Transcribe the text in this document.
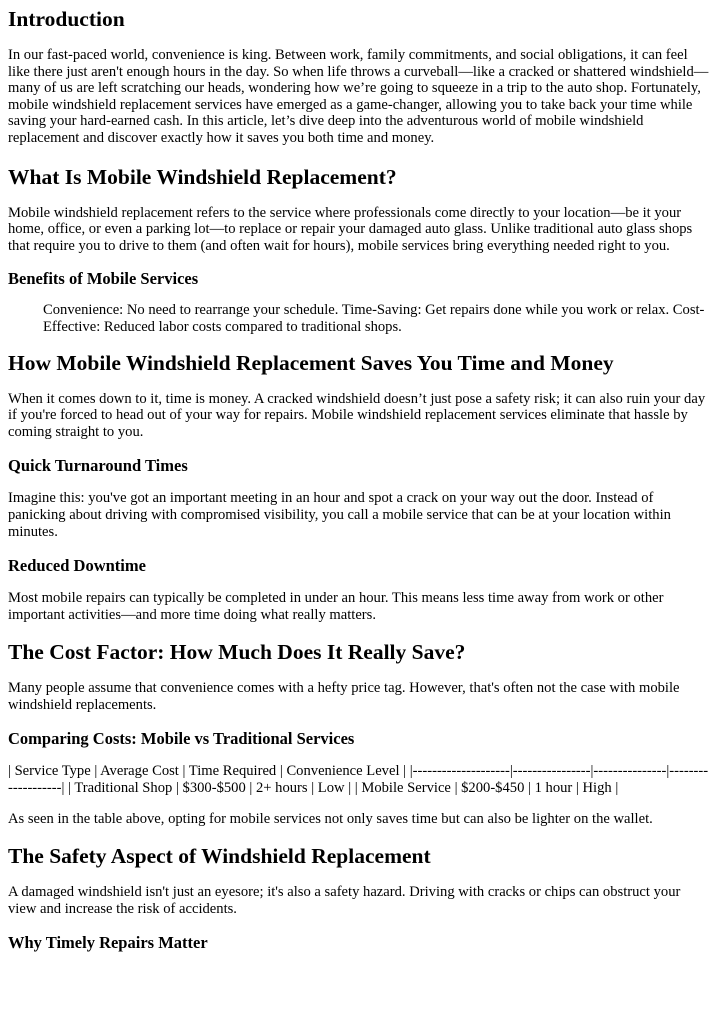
Introduction

In our fast-paced world, convenience is king. Between work, family commitments, and social obligations, it can feel like there just aren't enough hours in the day. So when life throws a curveball—like a cracked or shattered windshield—many of us are left scratching our heads, wondering how we’re going to squeeze in a trip to the auto shop. Fortunately, mobile windshield replacement services have emerged as a game-changer, allowing you to take back your time while saving your hard-earned cash. In this article, let’s dive deep into the adventurous world of mobile windshield replacement and discover exactly how it saves you both time and money.

What Is Mobile Windshield Replacement?

Mobile windshield replacement refers to the service where professionals come directly to your location—be it your home, office, or even a parking lot—to replace or repair your damaged auto glass. Unlike traditional auto glass shops that require you to drive to them (and often wait for hours), mobile services bring everything needed right to you.

Benefits of Mobile Services
Convenience: No need to rearrange your schedule. Time-Saving: Get repairs done while you work or relax. Cost-Effective: Reduced labor costs compared to traditional shops.
How Mobile Windshield Replacement Saves You Time and Money

When it comes down to it, time is money. A cracked windshield doesn’t just pose a safety risk; it can also ruin your day if you're forced to head out of your way for repairs. Mobile windshield replacement services eliminate that hassle by coming straight to you.

Quick Turnaround Times

Imagine this: you've got an important meeting in an hour and spot a crack on your way out the door. Instead of panicking about driving with compromised visibility, you call a mobile service that can be at your location within minutes.

Reduced Downtime

Most mobile repairs can typically be completed in under an hour. This means less time away from work or other important activities—and more time doing what really matters.

The Cost Factor: How Much Does It Really Save?

Many people assume that convenience comes with a hefty price tag. However, that's often not the case with mobile windshield replacements.

Comparing Costs: Mobile vs Traditional Services

| Service Type | Average Cost | Time Required | Convenience Level | |--------------------|----------------|---------------|-------------------| | Traditional Shop | $300-$500 | 2+ hours | Low | | Mobile Service | $200-$450 | 1 hour | High |

As seen in the table above, opting for mobile services not only saves time but can also be lighter on the wallet.

The Safety Aspect of Windshield Replacement

A damaged windshield isn't just an eyesore; it's also a safety hazard. Driving with cracks or chips can obstruct your view and increase the risk of accidents.

Why Timely Repairs Matter
